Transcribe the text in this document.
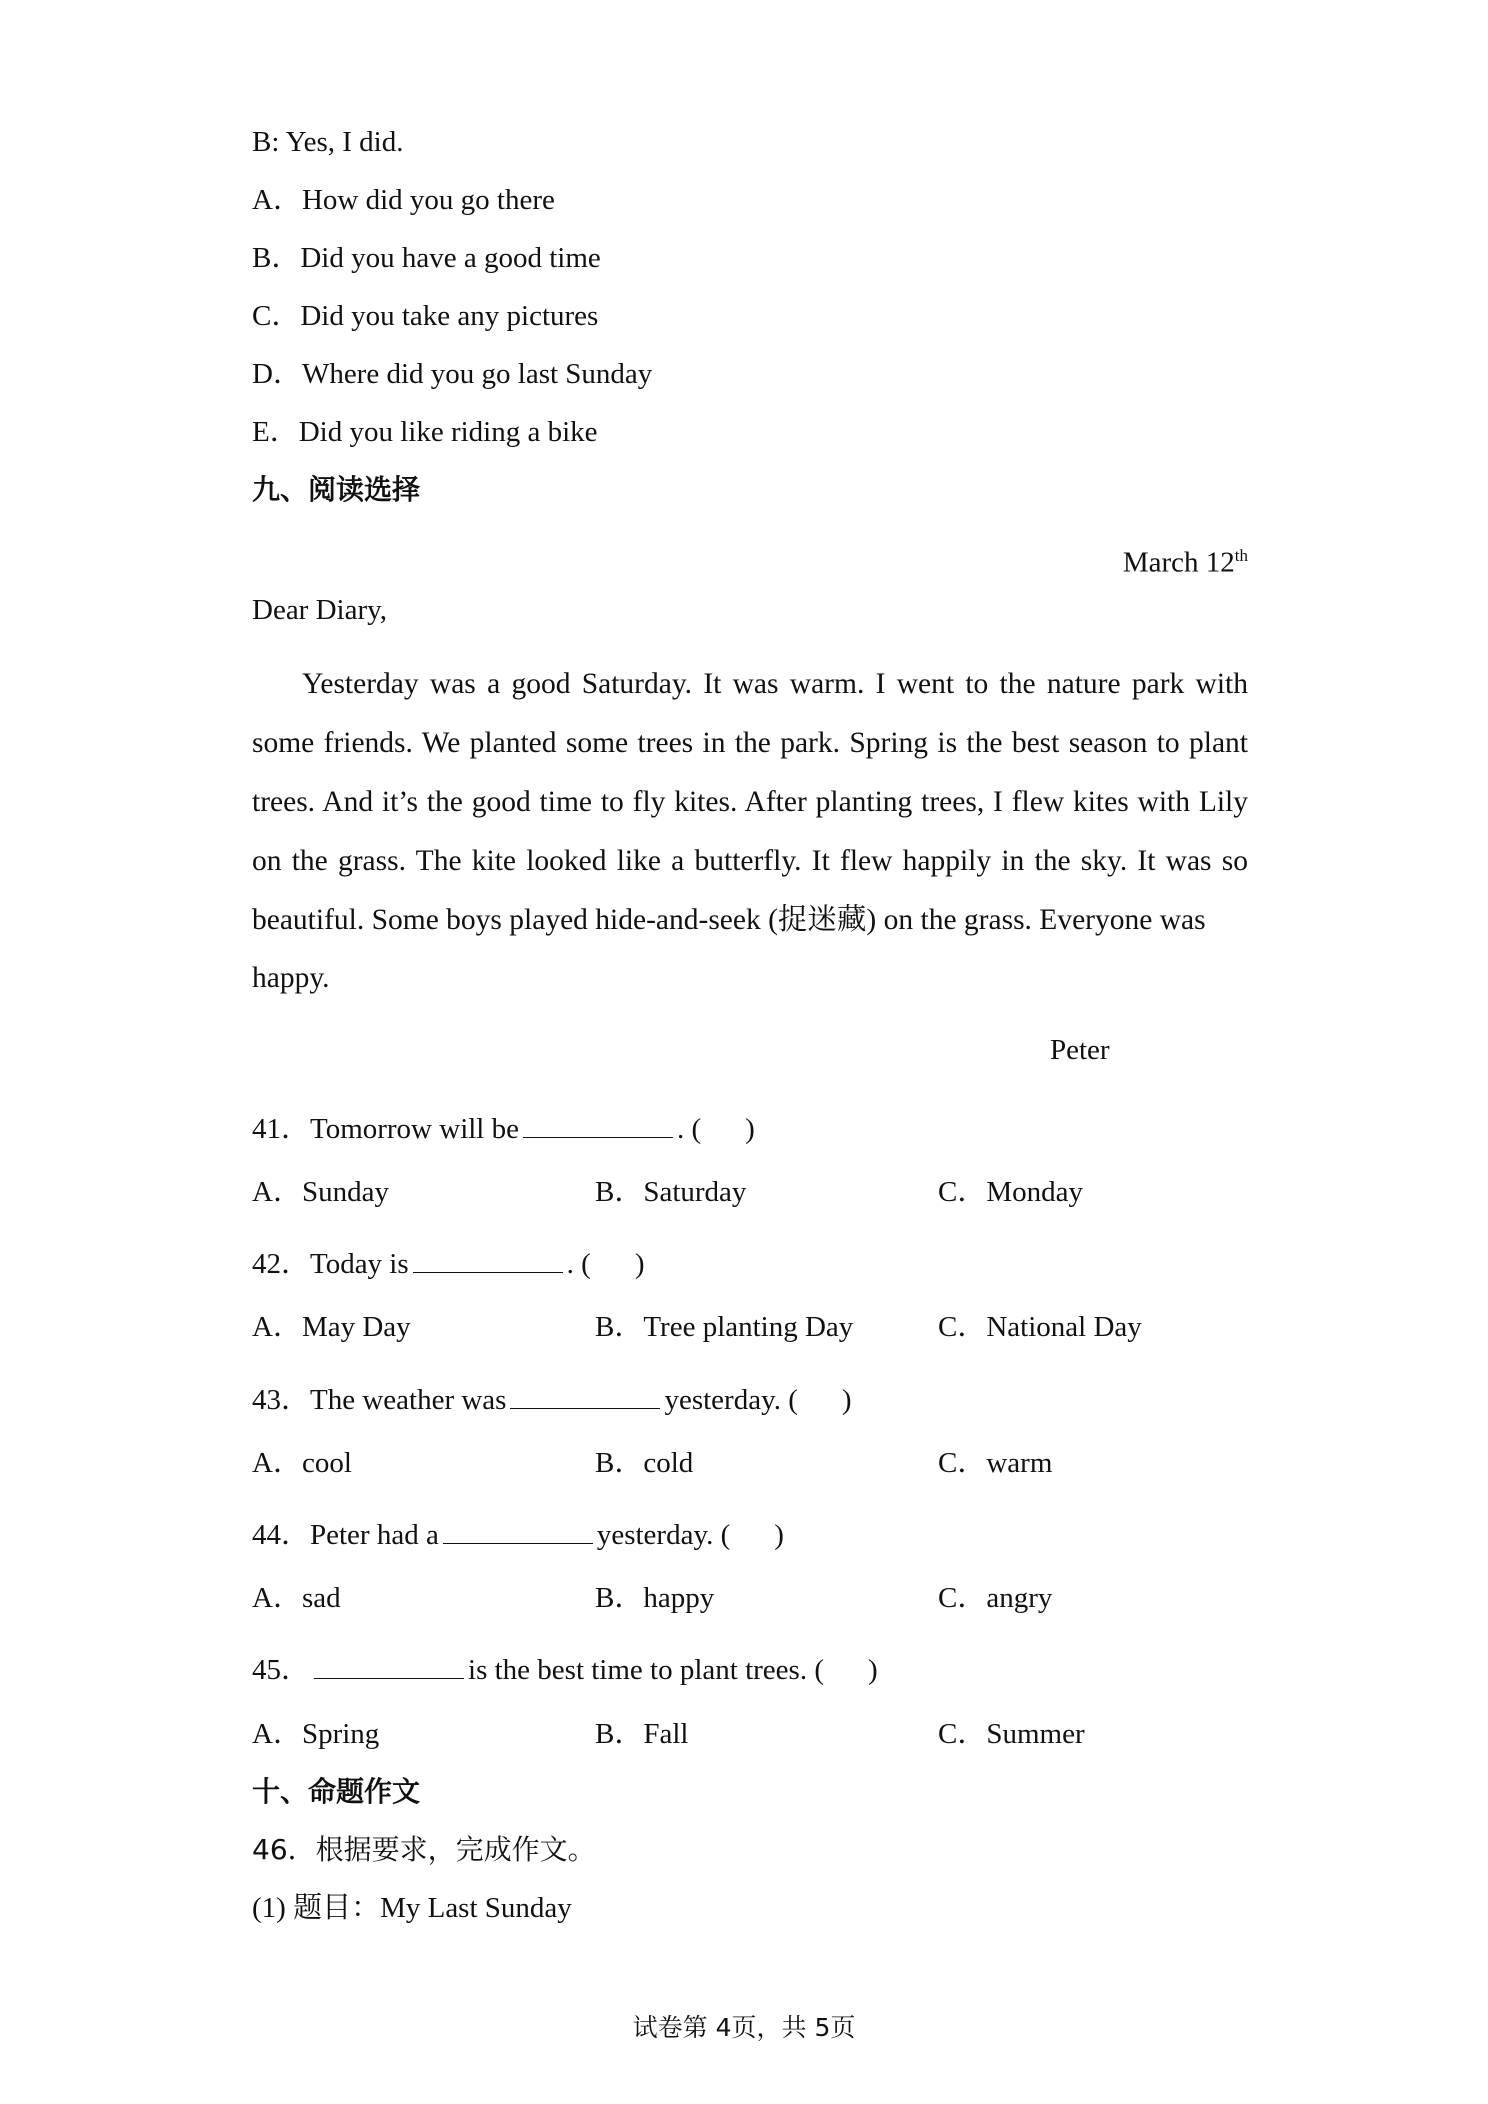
B: Yes, I did.
A．How did you go there
B．Did you have a good time
C．Did you take any pictures
D．Where did you go last Sunday
E．Did you like riding a bike
九、阅读选择
March 12th
Dear Diary,
Yesterday was a good Saturday. It was warm. I went to the nature park with some friends. We planted some trees in the park. Spring is the best season to plant trees. And it’s the good time to fly kites. After planting trees, I flew kites with Lily on the grass. The kite looked like a butterfly. It flew happily in the sky. It was so beautiful. Some boys played hide-and-seek (捉迷藏) on the grass. Everyone was
happy.
Peter
41．Tomorrow will be	. ( )
A．Sunday	B．Saturday	C．Monday
42．Today is	. ( )
A．May Day	B．Tree planting Day	C．National Day
43．The weather was	yesterday. ( )
A．cool	B．cold	C．warm
44．Peter had a	yesterday. ( )
A．sad	B．happy	C．angry
45．	is the best time to plant trees. ( )
A．Spring	B．Fall	C．Summer
十、命题作文
46．根据要求，完成作文。
(1) 题目：My Last Sunday
试卷第 4页，共 5页
